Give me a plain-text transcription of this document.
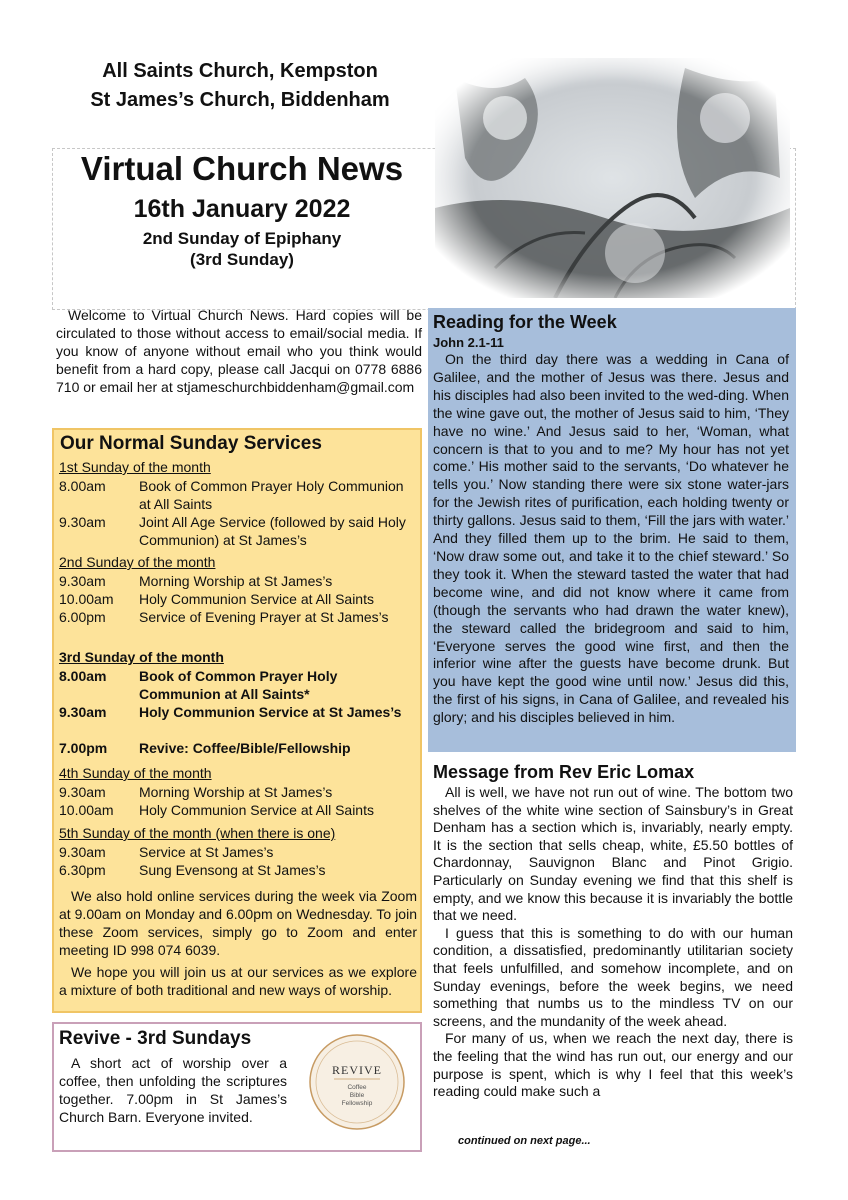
All Saints Church, Kempston
St James’s Church, Biddenham
Virtual Church News
16th January 2022
2nd Sunday of Epiphany
(3rd Sunday)
Welcome to Virtual Church News. Hard copies will be circulated to those without access to email/social media. If you know of anyone without email who you think would benefit from a hard copy, please call Jacqui on 0778 6886 710 or email her at stjameschurchbiddenham@gmail.com
Our Normal Sunday Services
1st Sunday of the month
8.00am Book of Common Prayer Holy Communion at All Saints
9.30am Joint All Age Service (followed by said Holy Communion) at St James’s
2nd Sunday of the month
9.30am Morning Worship at St James’s
10.00am Holy Communion Service at All Saints
6.00pm Service of Evening Prayer at St James’s
3rd Sunday of the month
8.00am Book of Common Prayer Holy Communion at All Saints*
9.30am Holy Communion Service at St James’s
7.00pm Revive: Coffee/Bible/Fellowship
4th Sunday of the month
9.30am Morning Worship at St James’s
10.00am Holy Communion Service at All Saints
5th Sunday of the month (when there is one)
9.30am Service at St James’s
6.30pm Sung Evensong at St James’s
We also hold online services during the week via Zoom at 9.00am on Monday and 6.00pm on Wednesday. To join these Zoom services, simply go to Zoom and enter meeting ID 998 074 6039.
We hope you will join us at our services as we explore a mixture of both traditional and new ways of worship.
Revive - 3rd Sundays
A short act of worship over a coffee, then unfolding the scriptures together. 7.00pm in St James’s Church Barn. Everyone invited.
REVIVE
Coffee
Bible
Fellowship
Reading for the Week
John 2.1-11
On the third day there was a wedding in Cana of Galilee, and the mother of Jesus was there. Jesus and his disciples had also been invited to the wed-ding. When the wine gave out, the mother of Jesus said to him, ‘They have no wine.’ And Jesus said to her, ‘Woman, what concern is that to you and to me? My hour has not yet come.’ His mother said to the servants, ‘Do whatever he tells you.’ Now standing there were six stone water-jars for the Jewish rites of purification, each holding twenty or thirty gallons. Jesus said to them, ‘Fill the jars with water.’ And they filled them up to the brim. He said to them, ‘Now draw some out, and take it to the chief steward.’ So they took it. When the steward tasted the water that had become wine, and did not know where it came from (though the servants who had drawn the water knew), the steward called the bridegroom and said to him, ‘Everyone serves the good wine first, and then the inferior wine after the guests have become drunk. But you have kept the good wine until now.’ Jesus did this, the first of his signs, in Cana of Galilee, and revealed his glory; and his disciples believed in him.
Message from Rev Eric Lomax

All is well, we have not run out of wine. The bottom two shelves of the white wine section of Sainsbury’s in Great Denham has a section which is, invariably, nearly empty. It is the section that sells cheap, white, £5.50 bottles of Chardonnay, Sauvignon Blanc and Pinot Grigio. Particularly on Sunday evening we find that this shelf is empty, and we know this because it is invariably the bottle that we need.

I guess that this is something to do with our human condition, a dissatisfied, predominantly utilitarian society that feels unfulfilled, and somehow incomplete, and on Sunday evenings, before the week begins, we need something that numbs us to the mindless TV on our screens, and the mundanity of the week ahead.

For many of us, when we reach the next day, there is the feeling that the wind has run out, our energy and our purpose is spent, which is why I feel that this week’s reading could make such a

continued on next page...
